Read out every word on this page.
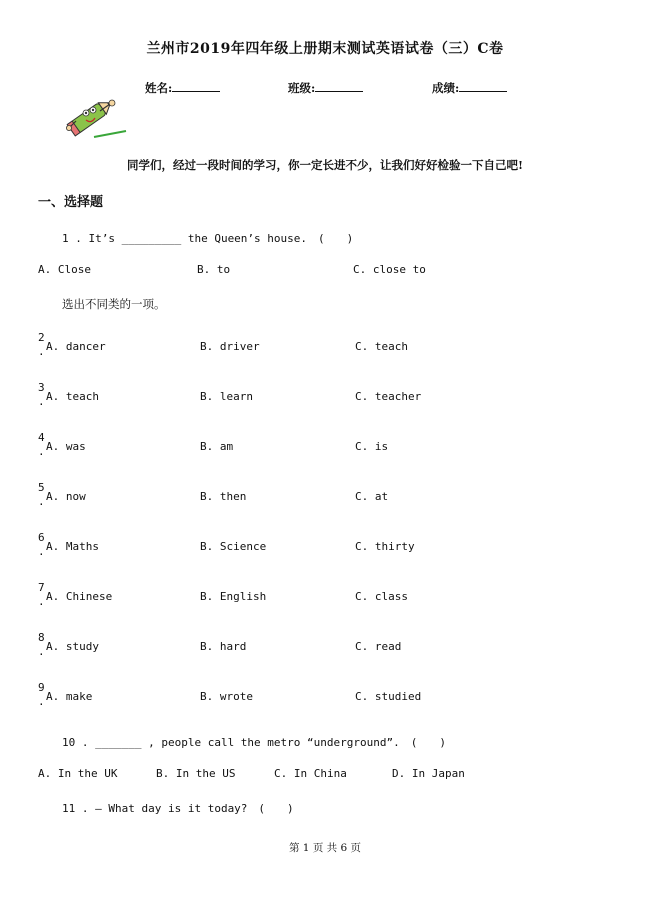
兰州市2019年四年级上册期末测试英语试卷（三）C卷
姓名:	班级:	成绩:
同学们，经过一段时间的学习，你一定长进不少，让我们好好检验一下自己吧!
一、选择题
1 . It’s _________ the Queen’s house.　(　　)
A. Close	B. to	C. close to
选出不同类的一项。
2
. A. dancer	B. driver	C. teach
3
. A. teach	B. learn	C. teacher
4
. A. was	B. am	C. is
5
. A. now	B. then	C. at
6
. A. Maths	B. Science	C. thirty
7
. A. Chinese	B. English	C. class
8
. A. study	B. hard	C. read
9
. A. make	B. wrote	C. studied
10 . _______ , people call the metro “underground”.　(　　)
A. In the UK	B. In the US	C. In China	D. In Japan
11 . — What day is it today?　(　　)
第 1 页 共 6 页
